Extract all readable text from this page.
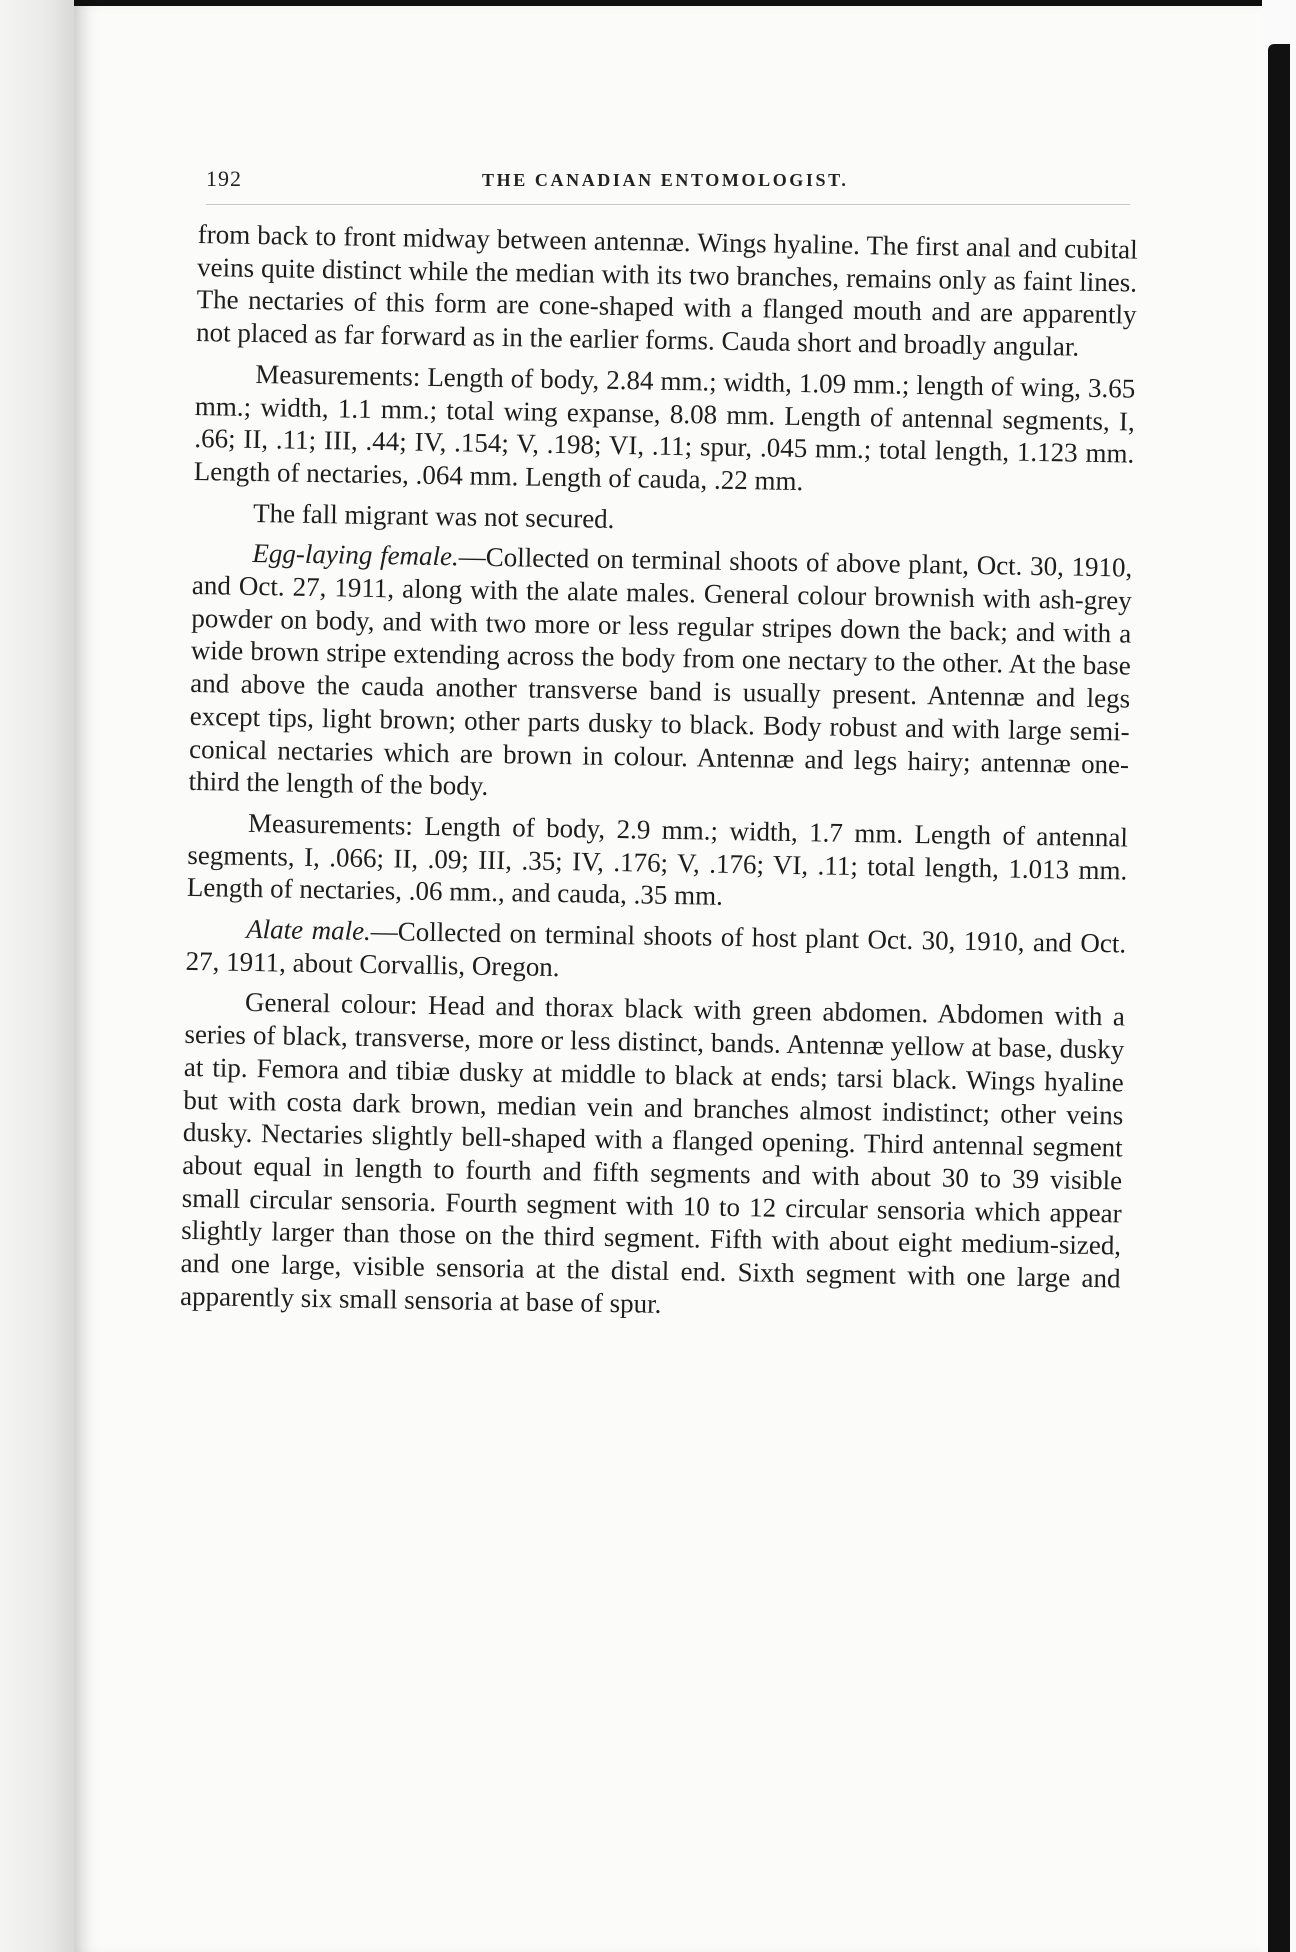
192	THE CANADIAN ENTOMOLOGIST.

from back to front midway between antennæ. Wings hyaline. The first anal and cubital veins quite distinct while the median with its two branches, remains only as faint lines. The nectaries of this form are cone-shaped with a flanged mouth and are apparently not placed as far forward as in the earlier forms. Cauda short and broadly angular.

Measurements: Length of body, 2.84 mm.; width, 1.09 mm.; length of wing, 3.65 mm.; width, 1.1 mm.; total wing expanse, 8.08 mm. Length of antennal segments, I, .66; II, .11; III, .44; IV, .154; V, .198; VI, .11; spur, .045 mm.; total length, 1.123 mm. Length of nectaries, .064 mm. Length of cauda, .22 mm.

The fall migrant was not secured.

Egg-laying female.—Collected on terminal shoots of above plant, Oct. 30, 1910, and Oct. 27, 1911, along with the alate males. General colour brownish with ash-grey powder on body, and with two more or less regular stripes down the back; and with a wide brown stripe extending across the body from one nectary to the other. At the base and above the cauda another transverse band is usually present. Antennæ and legs except tips, light brown; other parts dusky to black. Body robust and with large semi-conical nectaries which are brown in colour. Antennæ and legs hairy; antennæ one-third the length of the body.

Measurements: Length of body, 2.9 mm.; width, 1.7 mm. Length of antennal segments, I, .066; II, .09; III, .35; IV, .176; V, .176; VI, .11; total length, 1.013 mm. Length of nectaries, .06 mm., and cauda, .35 mm.

Alate male.—Collected on terminal shoots of host plant Oct. 30, 1910, and Oct. 27, 1911, about Corvallis, Oregon.

General colour: Head and thorax black with green abdomen. Abdomen with a series of black, transverse, more or less distinct, bands. Antennæ yellow at base, dusky at tip. Femora and tibiæ dusky at middle to black at ends; tarsi black. Wings hyaline but with costa dark brown, median vein and branches almost indistinct; other veins dusky. Nectaries slightly bell-shaped with a flanged opening. Third antennal segment about equal in length to fourth and fifth segments and with about 30 to 39 visible small circular sensoria. Fourth segment with 10 to 12 circular sensoria which appear slightly larger than those on the third segment. Fifth with about eight medium-sized, and one large, visible sensoria at the distal end. Sixth segment with one large and apparently six small sensoria at base of spur.
